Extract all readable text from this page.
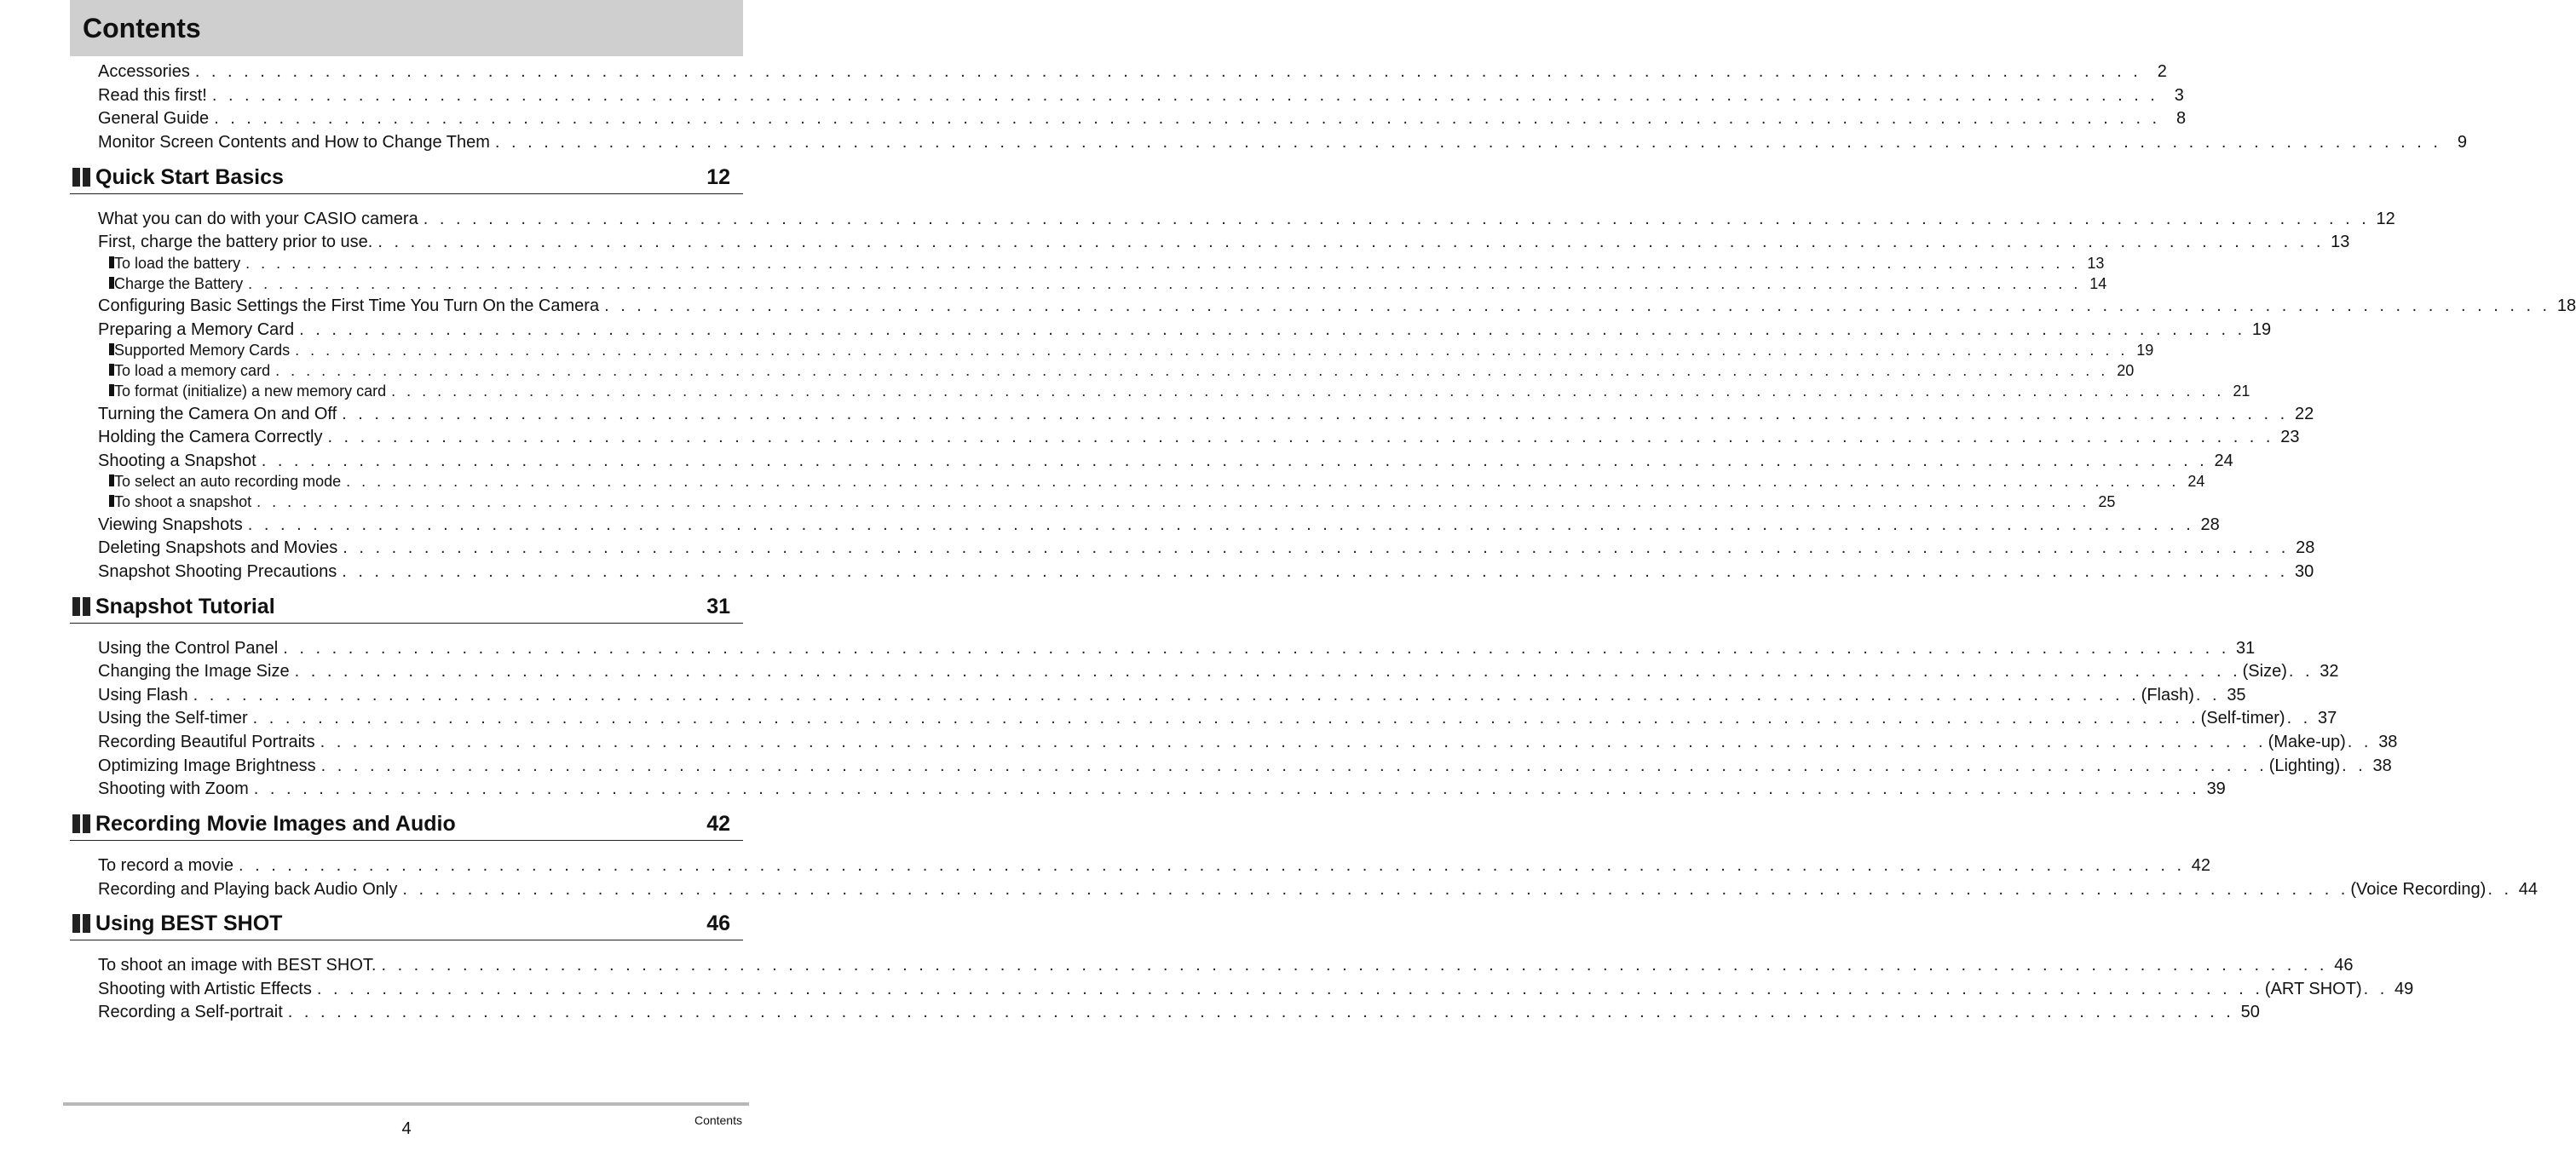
Contents
Accessories . . . . . . . . . . . . . . . . . . . . . . . . . . . . . . . . . . . . . . . . . . . . . . . . . . . . . . . . . . . . . . . . . . . . . . . . . . . . . . . . . . . . . . . . . . . . . . . . . . . . . . . . . . . . . . . . . . . . . . . . 2
Read this first! . . . . . . . . . . . . . . . . . . . . . . . . . . . . . . . . . . . . . . . . . . . . . . . . . . . . . . . . . . . . . . . . . . . . . . . . . . . . . . . . . . . . . . . . . . . . . . . . . . . . . . . . . . . . . . . . . . . . . . . . 3
General Guide . . . . . . . . . . . . . . . . . . . . . . . . . . . . . . . . . . . . . . . . . . . . . . . . . . . . . . . . . . . . . . . . . . . . . . . . . . . . . . . . . . . . . . . . . . . . . . . . . . . . . . . . . . . . . . . . . . . . . . . . 8
Monitor Screen Contents and How to Change Them . . . . . . . . . . . . . . . . . . . . . . . . . . . . . . . . . . . . . . . . . . . . . . . . . . . . . . . . . . . . . . . . . . . . . . . . . . . . . . . . . . . . . . . . . . . . . . . . . . . . . . . . . . . . . . . . . . . . . . . . 9
Quick Start Basics	12
What you can do with your CASIO camera . . . . . . . . . . . . . . . . . . . . . . . . . . . . . . . . . . . . . . . . . . . . . . . . . . . . . . . . . . . . . . . . . . . . . . . . . . . . . . . . . . . . . . . . . . . . . . . . . . . . . . . . . . . . . . . . . . . . . . . . 12
First, charge the battery prior to use. . . . . . . . . . . . . . . . . . . . . . . . . . . . . . . . . . . . . . . . . . . . . . . . . . . . . . . . . . . . . . . . . . . . . . . . . . . . . . . . . . . . . . . . . . . . . . . . . . . . . . . . . . . . . . . . . . . . . . . . . 13
To load the battery . . . . . . . . . . . . . . . . . . . . . . . . . . . . . . . . . . . . . . . . . . . . . . . . . . . . . . . . . . . . . . . . . . . . . . . . . . . . . . . . . . . . . . . . . . . . . . . . . . . . . . . . . . . . . . . . . . . . . . . . 13
Charge the Battery . . . . . . . . . . . . . . . . . . . . . . . . . . . . . . . . . . . . . . . . . . . . . . . . . . . . . . . . . . . . . . . . . . . . . . . . . . . . . . . . . . . . . . . . . . . . . . . . . . . . . . . . . . . . . . . . . . . . . . . . 14
Configuring Basic Settings the First Time You Turn On the Camera . . . . . . . . . . . . . . . . . . . . . . . . . . . . . . . . . . . . . . . . . . . . . . . . . . . . . . . . . . . . . . . . . . . . . . . . . . . . . . . . . . . . . . . . . . . . . . . . . . . . . . . . . . . . . . . . . . . . . . . . 18
Preparing a Memory Card . . . . . . . . . . . . . . . . . . . . . . . . . . . . . . . . . . . . . . . . . . . . . . . . . . . . . . . . . . . . . . . . . . . . . . . . . . . . . . . . . . . . . . . . . . . . . . . . . . . . . . . . . . . . . . . . . . . . . . . . 19
Supported Memory Cards . . . . . . . . . . . . . . . . . . . . . . . . . . . . . . . . . . . . . . . . . . . . . . . . . . . . . . . . . . . . . . . . . . . . . . . . . . . . . . . . . . . . . . . . . . . . . . . . . . . . . . . . . . . . . . . . . . . . . . . . 19
To load a memory card . . . . . . . . . . . . . . . . . . . . . . . . . . . . . . . . . . . . . . . . . . . . . . . . . . . . . . . . . . . . . . . . . . . . . . . . . . . . . . . . . . . . . . . . . . . . . . . . . . . . . . . . . . . . . . . . . . . . . . . . 20
To format (initialize) a new memory card . . . . . . . . . . . . . . . . . . . . . . . . . . . . . . . . . . . . . . . . . . . . . . . . . . . . . . . . . . . . . . . . . . . . . . . . . . . . . . . . . . . . . . . . . . . . . . . . . . . . . . . . . . . . . . . . . . . . . . . . 21
Turning the Camera On and Off . . . . . . . . . . . . . . . . . . . . . . . . . . . . . . . . . . . . . . . . . . . . . . . . . . . . . . . . . . . . . . . . . . . . . . . . . . . . . . . . . . . . . . . . . . . . . . . . . . . . . . . . . . . . . . . . . . . . . . . . 22
Holding the Camera Correctly . . . . . . . . . . . . . . . . . . . . . . . . . . . . . . . . . . . . . . . . . . . . . . . . . . . . . . . . . . . . . . . . . . . . . . . . . . . . . . . . . . . . . . . . . . . . . . . . . . . . . . . . . . . . . . . . . . . . . . . . 23
Shooting a Snapshot . . . . . . . . . . . . . . . . . . . . . . . . . . . . . . . . . . . . . . . . . . . . . . . . . . . . . . . . . . . . . . . . . . . . . . . . . . . . . . . . . . . . . . . . . . . . . . . . . . . . . . . . . . . . . . . . . . . . . . . . 24
To select an auto recording mode . . . . . . . . . . . . . . . . . . . . . . . . . . . . . . . . . . . . . . . . . . . . . . . . . . . . . . . . . . . . . . . . . . . . . . . . . . . . . . . . . . . . . . . . . . . . . . . . . . . . . . . . . . . . . . . . . . . . . . . . 24
To shoot a snapshot . . . . . . . . . . . . . . . . . . . . . . . . . . . . . . . . . . . . . . . . . . . . . . . . . . . . . . . . . . . . . . . . . . . . . . . . . . . . . . . . . . . . . . . . . . . . . . . . . . . . . . . . . . . . . . . . . . . . . . . . 25
Viewing Snapshots . . . . . . . . . . . . . . . . . . . . . . . . . . . . . . . . . . . . . . . . . . . . . . . . . . . . . . . . . . . . . . . . . . . . . . . . . . . . . . . . . . . . . . . . . . . . . . . . . . . . . . . . . . . . . . . . . . . . . . . . 28
Deleting Snapshots and Movies . . . . . . . . . . . . . . . . . . . . . . . . . . . . . . . . . . . . . . . . . . . . . . . . . . . . . . . . . . . . . . . . . . . . . . . . . . . . . . . . . . . . . . . . . . . . . . . . . . . . . . . . . . . . . . . . . . . . . . . . 28
Snapshot Shooting Precautions . . . . . . . . . . . . . . . . . . . . . . . . . . . . . . . . . . . . . . . . . . . . . . . . . . . . . . . . . . . . . . . . . . . . . . . . . . . . . . . . . . . . . . . . . . . . . . . . . . . . . . . . . . . . . . . . . . . . . . . . 30
Snapshot Tutorial	31
Using the Control Panel . . . . . . . . . . . . . . . . . . . . . . . . . . . . . . . . . . . . . . . . . . . . . . . . . . . . . . . . . . . . . . . . . . . . . . . . . . . . . . . . . . . . . . . . . . . . . . . . . . . . . . . . . . . . . . . . . . . . . . . . 31
Changing the Image Size . . . . . . . . . . . . . . . . . . . . . . . . . . . . . . . . . . . . . . . . . . . . . . . . . . . . . . . . . . . . . . . . . . . . . . . . . . . . . . . . . . . . . . . . . . . . . . . . . . . . . . . . . . . . . . . . . . . . . . . . (Size) . . 32
Using Flash . . . . . . . . . . . . . . . . . . . . . . . . . . . . . . . . . . . . . . . . . . . . . . . . . . . . . . . . . . . . . . . . . . . . . . . . . . . . . . . . . . . . . . . . . . . . . . . . . . . . . . . . . . . . . . . . . . . . . . . . (Flash) . . 35
Using the Self-timer . . . . . . . . . . . . . . . . . . . . . . . . . . . . . . . . . . . . . . . . . . . . . . . . . . . . . . . . . . . . . . . . . . . . . . . . . . . . . . . . . . . . . . . . . . . . . . . . . . . . . . . . . . . . . . . . . . . . . . . . (Self-timer) . . 37
Recording Beautiful Portraits . . . . . . . . . . . . . . . . . . . . . . . . . . . . . . . . . . . . . . . . . . . . . . . . . . . . . . . . . . . . . . . . . . . . . . . . . . . . . . . . . . . . . . . . . . . . . . . . . . . . . . . . . . . . . . . . . . . . . . . . (Make-up) . . 38
Optimizing Image Brightness . . . . . . . . . . . . . . . . . . . . . . . . . . . . . . . . . . . . . . . . . . . . . . . . . . . . . . . . . . . . . . . . . . . . . . . . . . . . . . . . . . . . . . . . . . . . . . . . . . . . . . . . . . . . . . . . . . . . . . . . (Lighting) . . 38
Shooting with Zoom . . . . . . . . . . . . . . . . . . . . . . . . . . . . . . . . . . . . . . . . . . . . . . . . . . . . . . . . . . . . . . . . . . . . . . . . . . . . . . . . . . . . . . . . . . . . . . . . . . . . . . . . . . . . . . . . . . . . . . . . 39
Recording Movie Images and Audio	42
To record a movie . . . . . . . . . . . . . . . . . . . . . . . . . . . . . . . . . . . . . . . . . . . . . . . . . . . . . . . . . . . . . . . . . . . . . . . . . . . . . . . . . . . . . . . . . . . . . . . . . . . . . . . . . . . . . . . . . . . . . . . . 42
Recording and Playing back Audio Only . . . . . . . . . . . . . . . . . . . . . . . . . . . . . . . . . . . . . . . . . . . . . . . . . . . . . . . . . . . . . . . . . . . . . . . . . . . . . . . . . . . . . . . . . . . . . . . . . . . . . . . . . . . . . . . . . . . . . . . . (Voice Recording) . . 44
Using BEST SHOT	46
To shoot an image with BEST SHOT. . . . . . . . . . . . . . . . . . . . . . . . . . . . . . . . . . . . . . . . . . . . . . . . . . . . . . . . . . . . . . . . . . . . . . . . . . . . . . . . . . . . . . . . . . . . . . . . . . . . . . . . . . . . . . . . . . . . . . . . . 46
Shooting with Artistic Effects . . . . . . . . . . . . . . . . . . . . . . . . . . . . . . . . . . . . . . . . . . . . . . . . . . . . . . . . . . . . . . . . . . . . . . . . . . . . . . . . . . . . . . . . . . . . . . . . . . . . . . . . . . . . . . . . . . . . . . . . (ART SHOT) . . 49
Recording a Self-portrait . . . . . . . . . . . . . . . . . . . . . . . . . . . . . . . . . . . . . . . . . . . . . . . . . . . . . . . . . . . . . . . . . . . . . . . . . . . . . . . . . . . . . . . . . . . . . . . . . . . . . . . . . . . . . . . . . . . . . . . . 50
4	Contents
